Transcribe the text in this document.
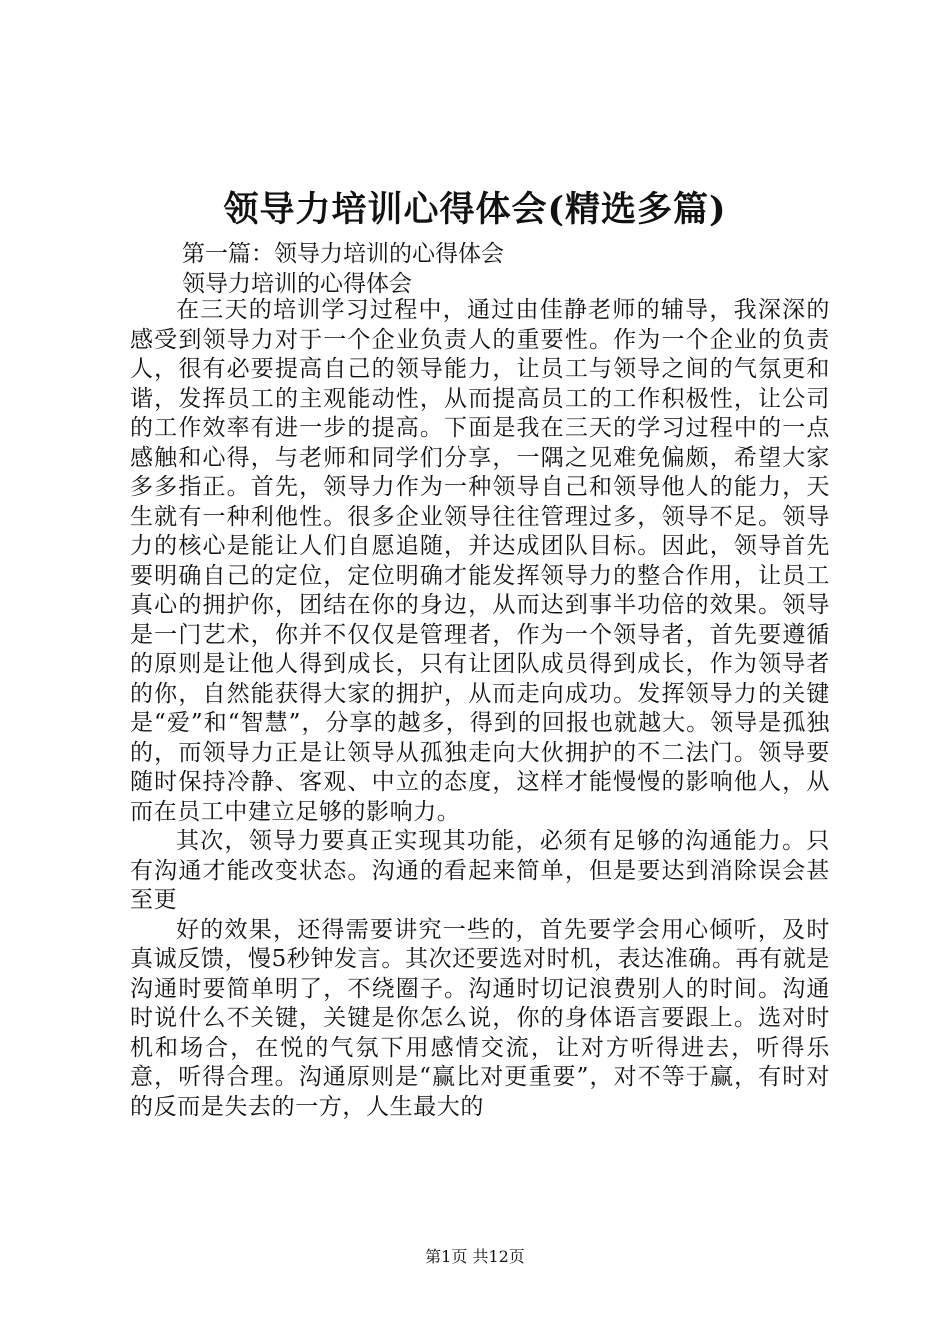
领导力培训心得体会(精选多篇)
第一篇：领导力培训的心得体会
领导力培训的心得体会

在三天的培训学习过程中，通过由佳静老师的辅导，我深深的感受到领导力对于一个企业负责人的重要性。作为一个企业的负责人，很有必要提高自己的领导能力，让员工与领导之间的气氛更和谐，发挥员工的主观能动性，从而提高员工的工作积极性，让公司的工作效率有进一步的提高。下面是我在三天的学习过程中的一点感触和心得，与老师和同学们分享，一隅之见难免偏颇，希望大家多多指正。首先，领导力作为一种领导自己和领导他人的能力，天生就有一种利他性。很多企业领导往往管理过多，领导不足。领导力的核心是能让人们自愿追随，并达成团队目标。因此，领导首先要明确自己的定位，定位明确才能发挥领导力的整合作用，让员工真心的拥护你，团结在你的身边，从而达到事半功倍的效果。领导是一门艺术，你并不仅仅是管理者，作为一个领导者，首先要遵循的原则是让他人得到成长，只有让团队成员得到成长，作为领导者的你，自然能获得大家的拥护，从而走向成功。发挥领导力的关键是“爱”和“智慧”，分享的越多，得到的回报也就越大。领导是孤独的，而领导力正是让领导从孤独走向大伙拥护的不二法门。领导要随时保持冷静、客观、中立的态度，这样才能慢慢的影响他人，从而在员工中建立足够的影响力。

其次，领导力要真正实现其功能，必须有足够的沟通能力。只有沟通才能改变状态。沟通的看起来简单，但是要达到消除误会甚至更

好的效果，还得需要讲究一些的，首先要学会用心倾听，及时真诚反馈，慢5秒钟发言。其次还要选对时机，表达准确。再有就是沟通时要简单明了，不绕圈子。沟通时切记浪费别人的时间。沟通时说什么不关键，关键是你怎么说，你的身体语言要跟上。选对时机和场合，在悦的气氛下用感情交流，让对方听得进去，听得乐意，听得合理。沟通原则是“赢比对更重要”，对不等于赢，有时对的反而是失去的一方，人生最大的

第1页 共12页
